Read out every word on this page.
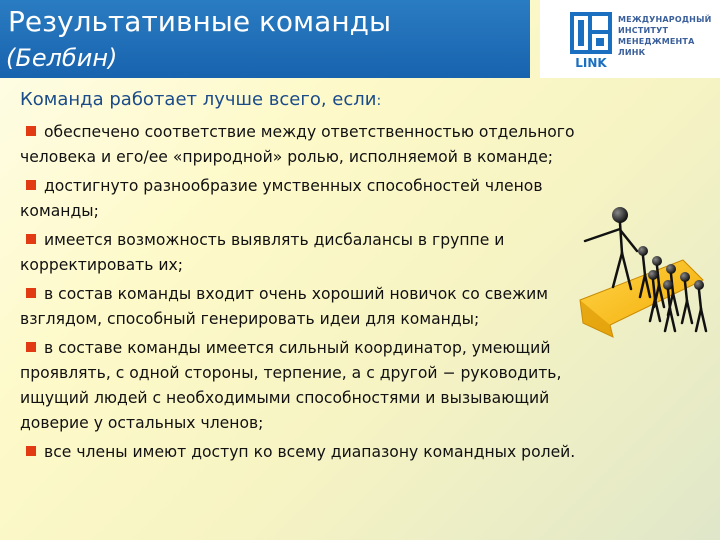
Результативные команды
(Белбин)	LINK
МЕЖДУНАРОДНЫЙ
ИНСТИТУТ
МЕНЕДЖМЕНТА
ЛИНК
Команда работает лучше всего, если:
обеспечено соответствие между ответственностью отдельного человека и его/ее «природной» ролью, исполняемой в команде;
достигнуто разнообразие умственных способностей членов команды;
имеется возможность выявлять дисбалансы в группе и корректировать их;
в состав команды входит очень хороший новичок со свежим взглядом, способный генерировать идеи для команды;
в составе команды имеется сильный координатор, умеющий проявлять, с одной стороны, терпение, а с другой − руководить, ищущий людей с необходимыми способностями и вызывающий доверие у остальных членов;
все члены имеют доступ ко всему диапазону командных ролей.
